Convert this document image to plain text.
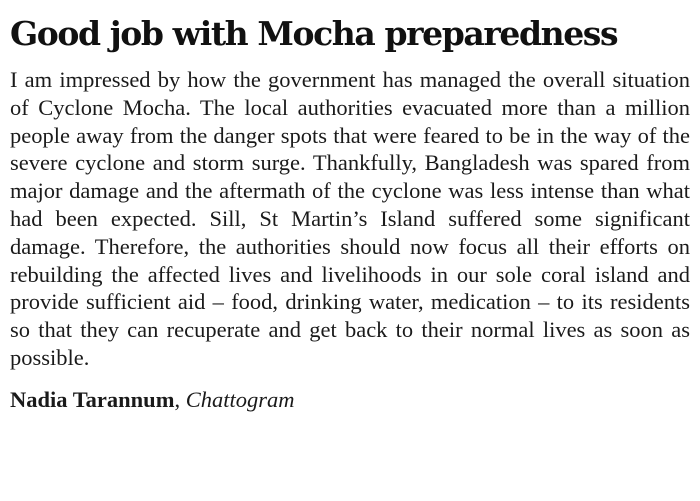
Good job with Mocha preparedness

I am impressed by how the government has managed the overall situation of Cyclone Mocha. The local authorities evacuated more than a million people away from the danger spots that were feared to be in the way of the severe cyclone and storm surge. Thankfully, Bangladesh was spared from major damage and the aftermath of the cyclone was less intense than what had been expected. Sill, St Martin’s Island suffered some significant damage. Therefore, the authorities should now focus all their efforts on rebuilding the affected lives and livelihoods in our sole coral island and provide sufficient aid – food, drinking water, medication – to its residents so that they can recuperate and get back to their normal lives as soon as possible.

Nadia Tarannum, Chattogram
